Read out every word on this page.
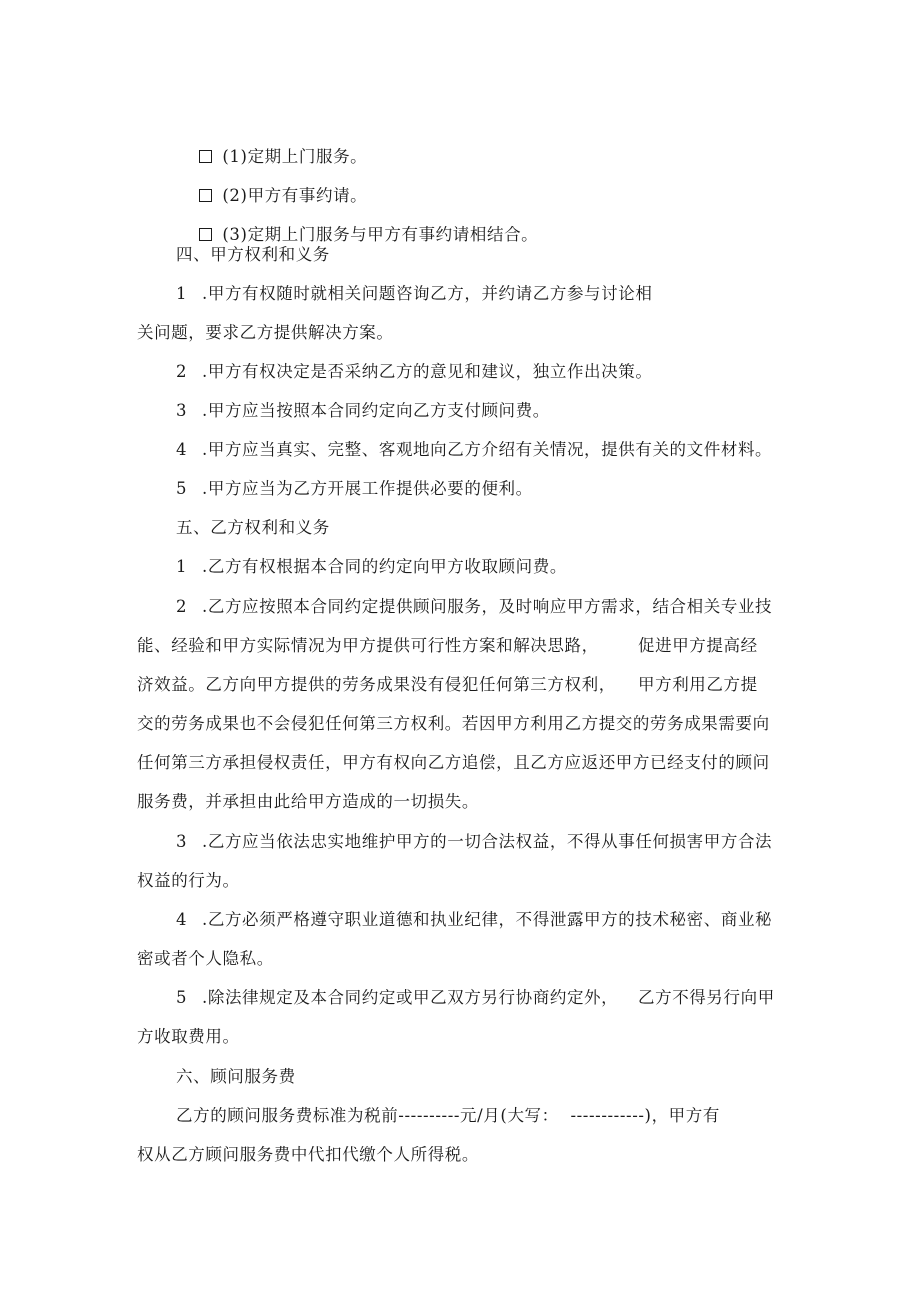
(1)定期上门服务。

(2)甲方有事约请。

(3)定期上门服务与甲方有事约请相结合。

四、甲方权利和义务
1 .甲方有权随时就相关问题咨询乙方，并约请乙方参与讨论相
关问题，要求乙方提供解决方案。
2 .甲方有权决定是否采纳乙方的意见和建议，独立作出决策。
3 .甲方应当按照本合同约定向乙方支付顾问费。
4 .甲方应当真实、完整、客观地向乙方介绍有关情况，提供有关的文件材料。
5 .甲方应当为乙方开展工作提供必要的便利。
五、乙方权利和义务
1 .乙方有权根据本合同的约定向甲方收取顾问费。
2 .乙方应按照本合同约定提供顾问服务，及时响应甲方需求，结合相关专业技
能、经验和甲方实际情况为甲方提供可行性方案和解决思路， 促进甲方提高经
济效益。乙方向甲方提供的劳务成果没有侵犯任何第三方权利， 甲方利用乙方提
交的劳务成果也不会侵犯任何第三方权利。若因甲方利用乙方提交的劳务成果需要向
任何第三方承担侵权责任，甲方有权向乙方追偿，且乙方应返还甲方已经支付的顾问
服务费，并承担由此给甲方造成的一切损失。
3 .乙方应当依法忠实地维护甲方的一切合法权益，不得从事任何损害甲方合法
权益的行为。
4 .乙方必须严格遵守职业道德和执业纪律，不得泄露甲方的技术秘密、商业秘
密或者个人隐私。
5 .除法律规定及本合同约定或甲乙双方另行协商约定外， 乙方不得另行向甲
方收取费用。
六、顾问服务费
乙方的顾问服务费标准为税前----------元/月(大写：  ------------)，甲方有
权从乙方顾问服务费中代扣代缴个人所得税。
